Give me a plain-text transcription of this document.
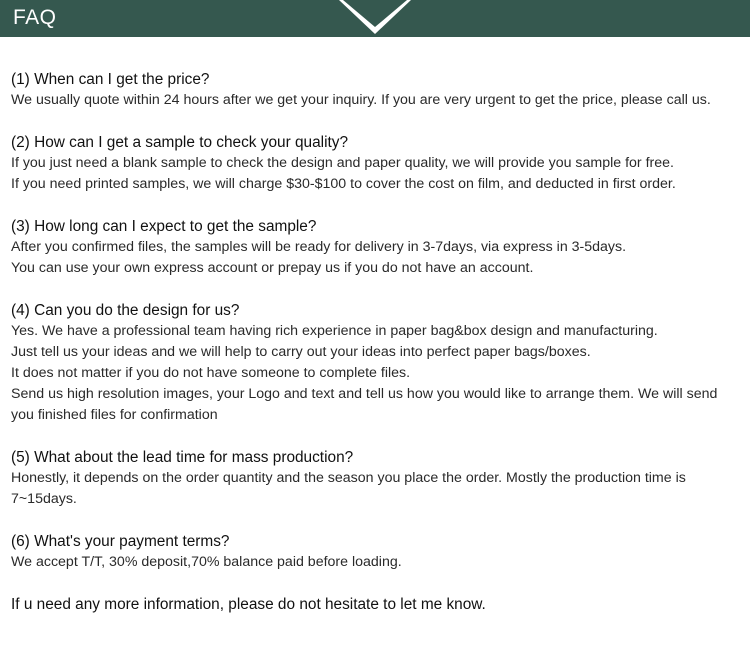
FAQ
(1) When can I get the price?
We usually quote within 24 hours after we get your inquiry. If you are very urgent to get the price, please call us.
(2) How can I get a sample to check your quality?
If you just need a blank sample to check the design and paper quality, we will provide you sample for free.
If you need printed samples, we will charge $30-$100 to cover the cost on film, and deducted in first order.
(3) How long can I expect to get the sample?
After you confirmed files, the samples will be ready for delivery in 3-7days, via express in 3-5days.
You can use your own express account or prepay us if you do not have an account.
(4) Can you do the design for us?
Yes. We have a professional team having rich experience in paper bag&box design and manufacturing.
Just tell us your ideas and we will help to carry out your ideas into perfect paper bags/boxes.
It does not matter if you do not have someone to complete files.
Send us high resolution images, your Logo and text and tell us how you would like to arrange them. We will send
you finished files for confirmation
(5) What about the lead time for mass production?
Honestly, it depends on the order quantity and the season you place the order. Mostly the production time is
7~15days.
(6) What's your payment terms?
We accept T/T, 30% deposit,70% balance paid before loading.
If u need any more information, please do not hesitate to let me know.
